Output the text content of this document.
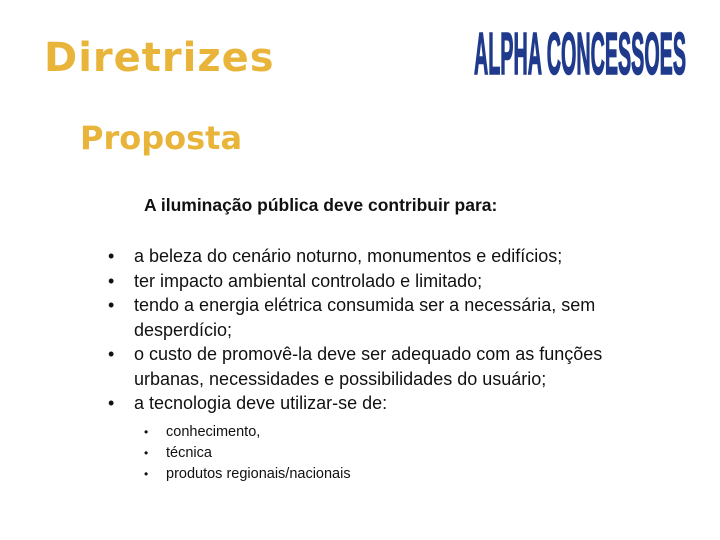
Diretrizes	ALPHA CONCESSOES
Proposta

A iluminação pública deve contribuir para:

• a beleza do cenário noturno, monumentos e edifícios;
• ter impacto ambiental controlado e limitado;
• tendo a energia elétrica consumida ser a necessária, sem desperdício;
• o custo de promovê-la deve ser adequado com as funções urbanas, necessidades e possibilidades do usuário;
• a tecnologia deve utilizar-se de:
• conhecimento,
• técnica
• produtos regionais/nacionais
